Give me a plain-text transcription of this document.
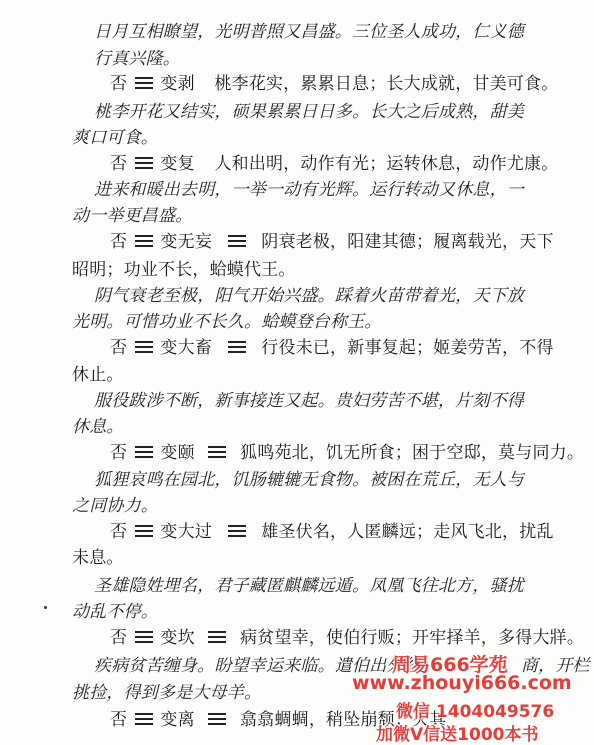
日月互相瞭望，光明普照又昌盛。三位圣人成功，仁义德
行真兴隆。
否 变剥 桃李花实，累累日息；长大成就，甘美可食。
桃李开花又结实，硕果累累日日多。长大之后成熟，甜美
爽口可食。
否 变复 人和出明，动作有光；运转休息，动作尤康。
进来和暖出去明，一举一动有光辉。运行转动又休息，一
动一举更昌盛。
否 变无妄	阴衰老极，阳建其德；履离载光，天下
昭明；功业不长，蛤蟆代王。
阴气衰老至极，阳气开始兴盛。踩着火苗带着光，天下放
光明。可惜功业不长久。蛤蟆登台称王。
否 变大畜	行役未已，新事复起；姬姜劳苦，不得
休止。
服役跋涉不断，新事接连又起。贵妇劳苦不堪，片刻不得
休息。
否 变颐	狐鸣苑北，饥无所食；困于空邸，莫与同力。
狐狸哀鸣在园北，饥肠辘辘无食物。被困在荒丘，无人与
之同协力。
否 变大过	雄圣伏名，人匿麟远；走风飞北，扰乱
未息。
圣雄隐姓埋名，君子藏匿麒麟远遁。凤凰飞往北方，骚扰
动乱不停。
否 变坎	病贫望幸，使伯行贩；开牢择羊，多得大牂。
疾病贫苦缠身。盼望幸运来临。遣伯出外经	商，开栏
挑捡，得到多是大母羊。
否 变离	翕翕蜩蜩，稍坠崩颓；灭其
周易666学苑
www.zhouyi666.com
微信 1404049576
加微V信送1000本书
